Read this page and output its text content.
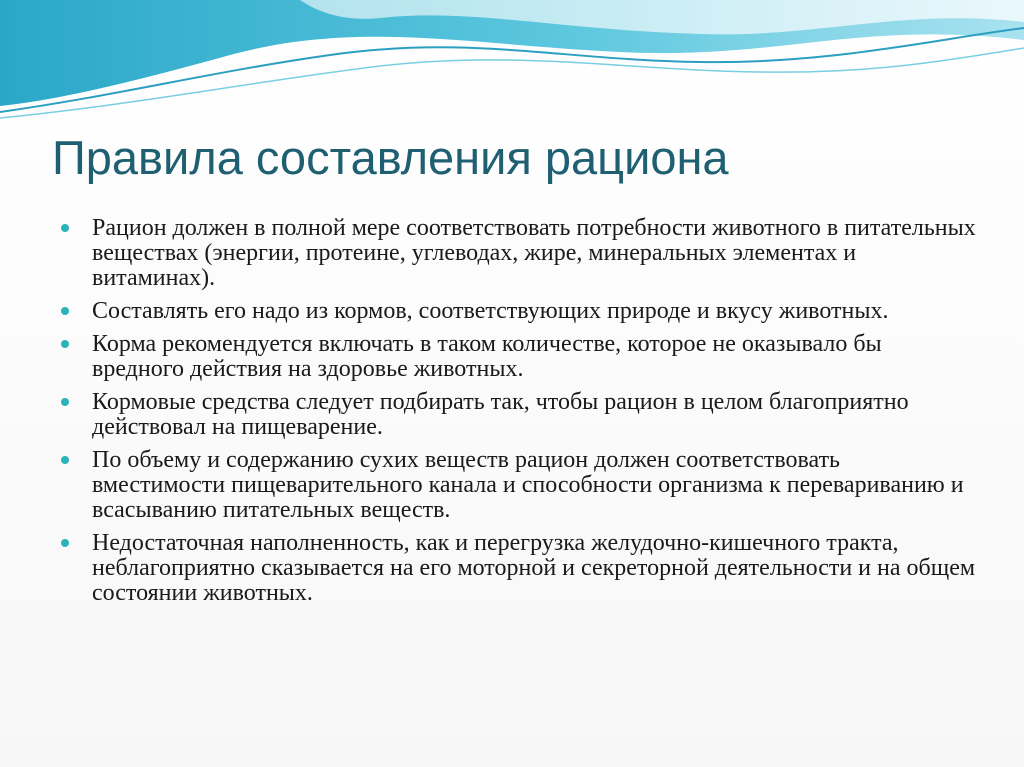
Правила составления рациона
Рацион должен в полной мере соответствовать потребности животного в питательных веществах (энергии, протеине, углеводах, жире, минеральных элементах и витаминах).
Составлять его надо из кормов, соответствующих природе и вкусу животных.
Корма рекомендуется включать в таком количестве, которое не оказывало бы вредного действия на здоровье животных.
Кормовые средства следует подбирать так, чтобы рацион в целом благоприятно действовал на пищеварение.
По объему и содержанию сухих веществ рацион должен соответствовать вместимости пищеварительного канала и способности организма к перевариванию и всасыванию питательных веществ.
Недостаточная наполненность, как и перегрузка желудочно-кишечного тракта, неблагоприятно сказывается на его моторной и секреторной деятельности и на общем состоянии животных.
